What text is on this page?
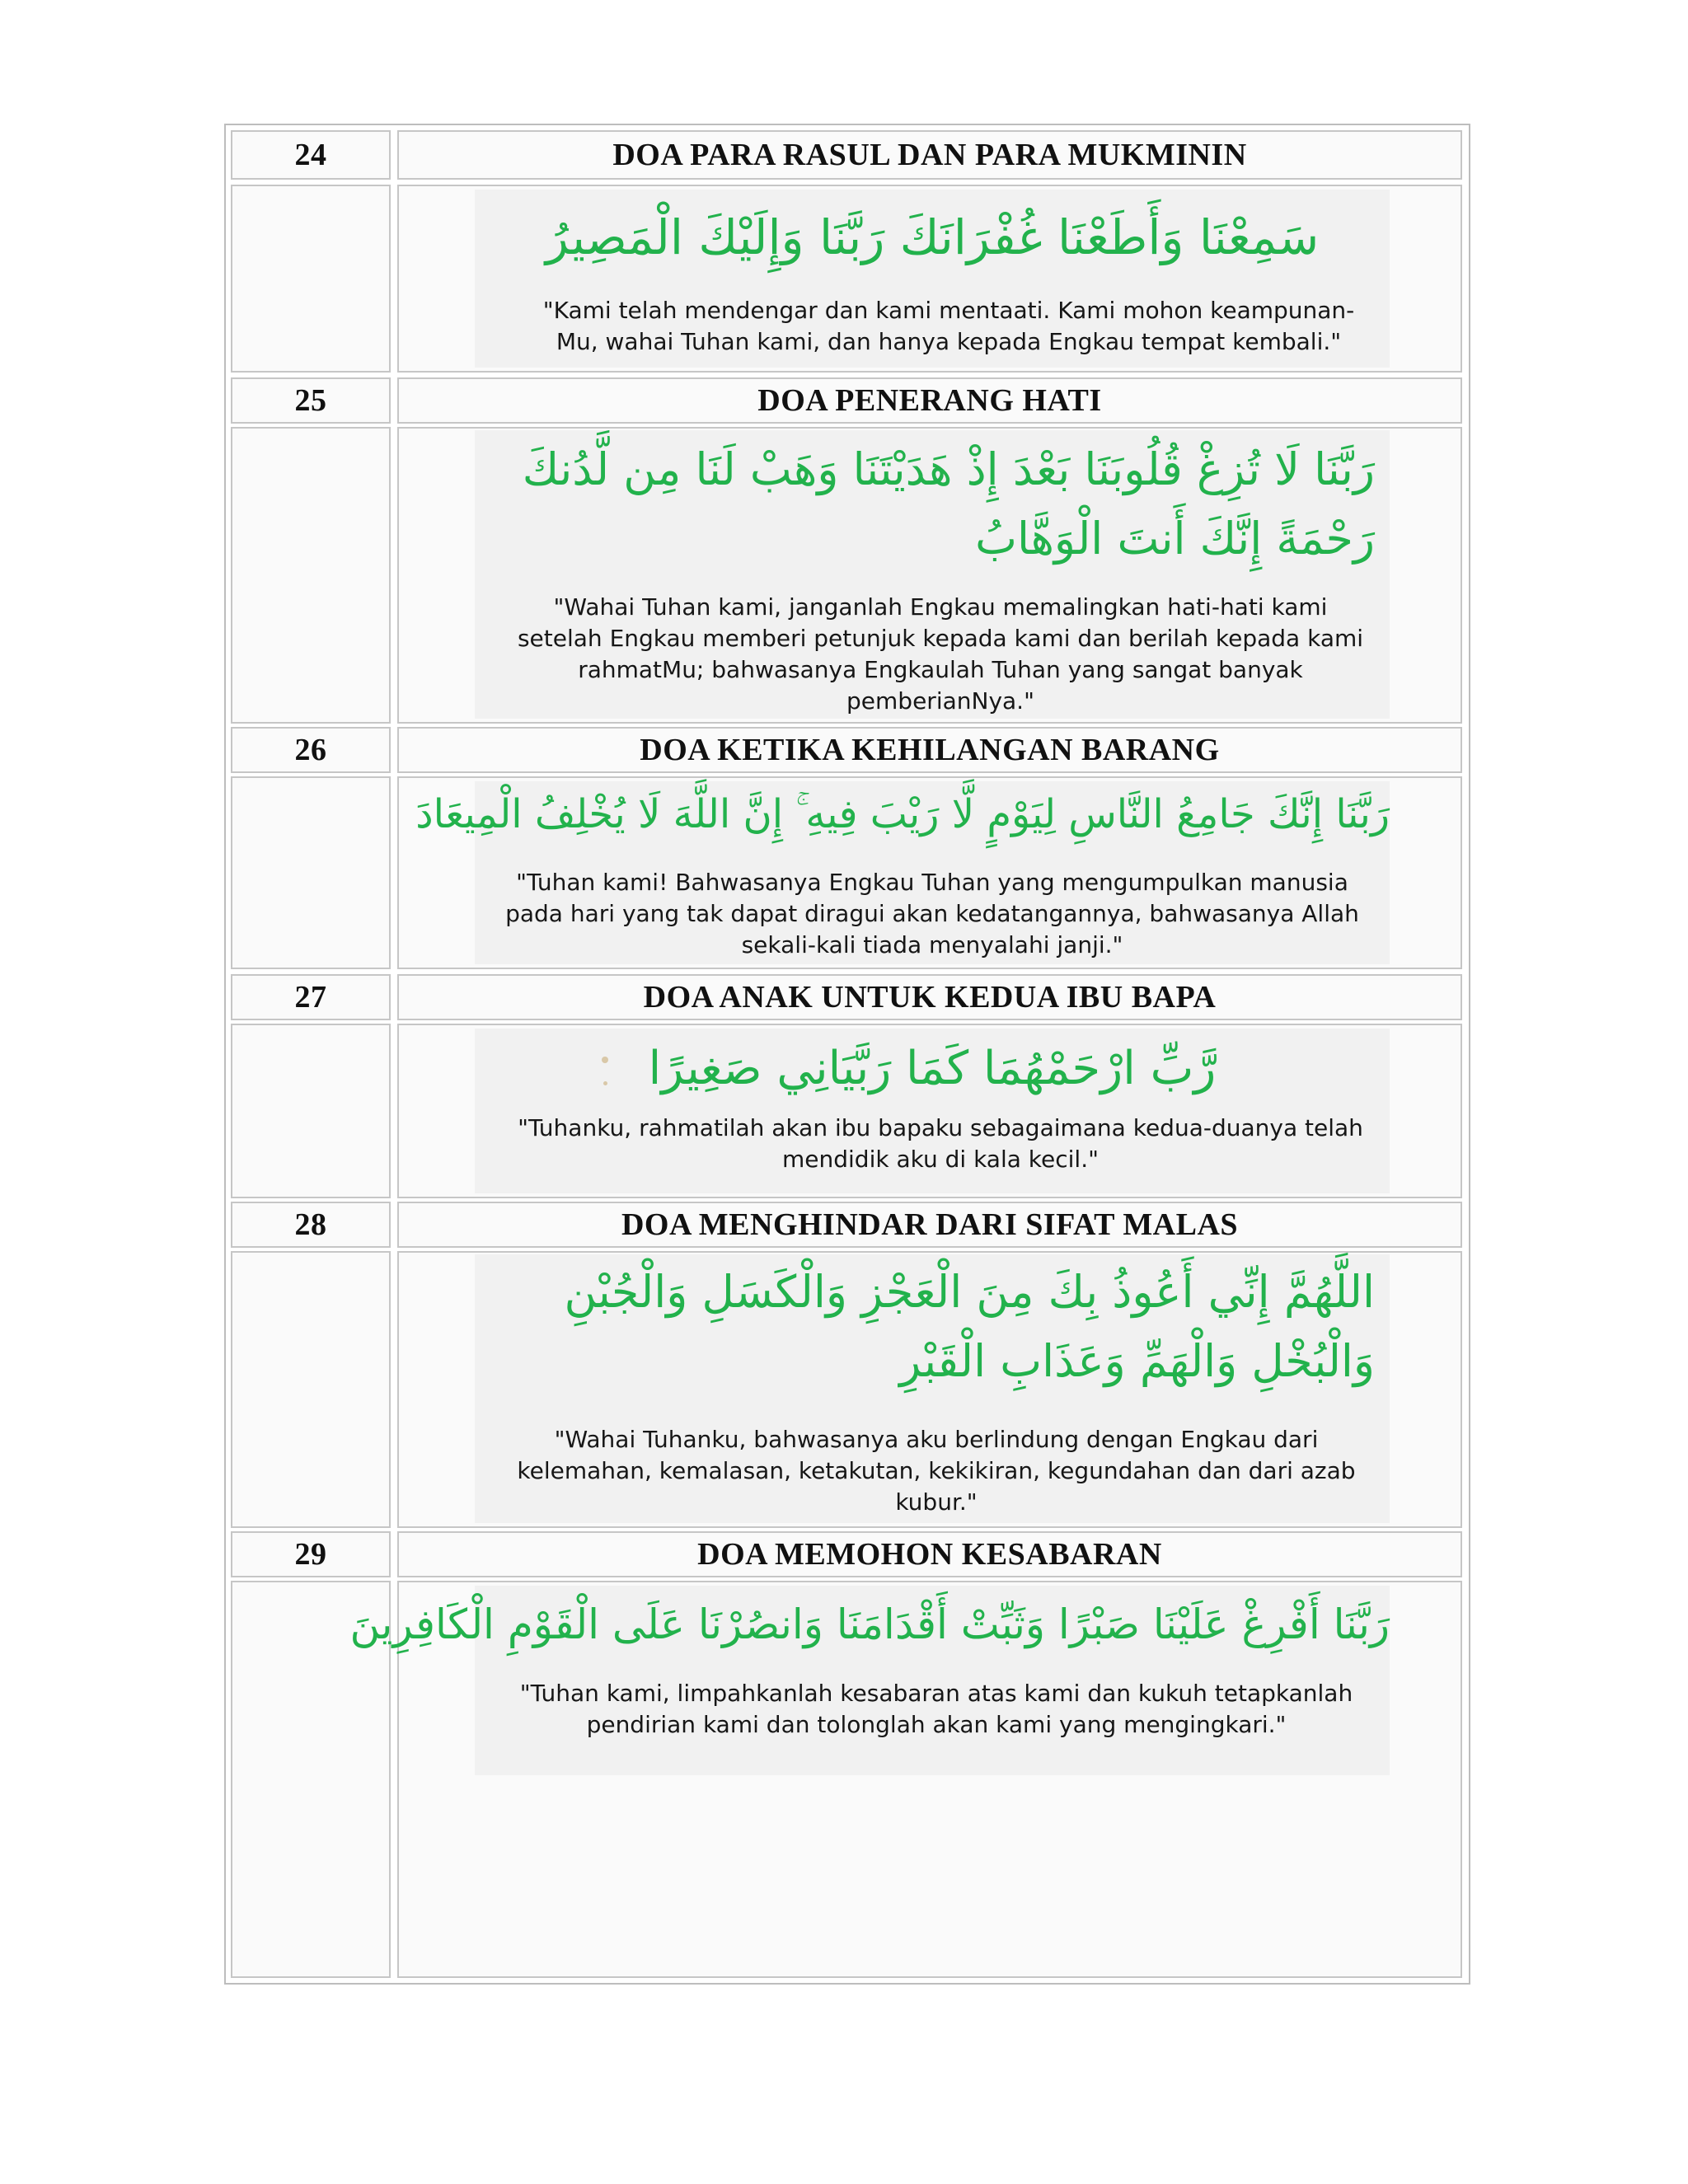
24	DOA PARA RASUL DAN PARA MUKMININ
سَمِعْنَا وَأَطَعْنَا غُفْرَانَكَ رَبَّنَا وَإِلَيْكَ الْمَصِيرُ
"Kami telah mendengar dan kami mentaati. Kami mohon keampunan-Mu, wahai Tuhan kami, dan hanya kepada Engkau tempat kembali."
25	DOA PENERANG HATI
رَبَّنَا لَا تُزِغْ قُلُوبَنَا بَعْدَ إِذْ هَدَيْتَنَا وَهَبْ لَنَا مِن لَّدُنكَ رَحْمَةً إِنَّكَ أَنتَ الْوَهَّابُ
"Wahai Tuhan kami, janganlah Engkau memalingkan hati-hati kami setelah Engkau memberi petunjuk kepada kami dan berilah kepada kami rahmatMu; bahwasanya Engkaulah Tuhan yang sangat banyak pemberianNya."
26	DOA KETIKA KEHILANGAN BARANG
رَبَّنَا إِنَّكَ جَامِعُ النَّاسِ لِيَوْمٍ لَّا رَيْبَ فِيهِ ۚ إِنَّ اللَّهَ لَا يُخْلِفُ الْمِيعَادَ
"Tuhan kami! Bahwasanya Engkau Tuhan yang mengumpulkan manusia pada hari yang tak dapat diragui akan kedatangannya, bahwasanya Allah sekali-kali tiada menyalahi janji."
27	DOA ANAK UNTUK KEDUA IBU BAPA
رَّبِّ ارْحَمْهُمَا كَمَا رَبَّيَانِي صَغِيرًا
"Tuhanku, rahmatilah akan ibu bapaku sebagaimana kedua-duanya telah mendidik aku di kala kecil."
28	DOA MENGHINDAR DARI SIFAT MALAS
اللَّهُمَّ إِنِّي أَعُوذُ بِكَ مِنَ الْعَجْزِ وَالْكَسَلِ وَالْجُبْنِ وَالْبُخْلِ وَالْهَمِّ وَعَذَابِ الْقَبْرِ
"Wahai Tuhanku, bahwasanya aku berlindung dengan Engkau dari kelemahan, kemalasan, ketakutan, kekikiran, kegundahan dan dari azab kubur."
29	DOA MEMOHON KESABARAN
رَبَّنَا أَفْرِغْ عَلَيْنَا صَبْرًا وَثَبِّتْ أَقْدَامَنَا وَانصُرْنَا عَلَى الْقَوْمِ الْكَافِرِينَ
"Tuhan kami, limpahkanlah kesabaran atas kami dan kukuh tetapkanlah pendirian kami dan tolonglah akan kami yang mengingkari."
